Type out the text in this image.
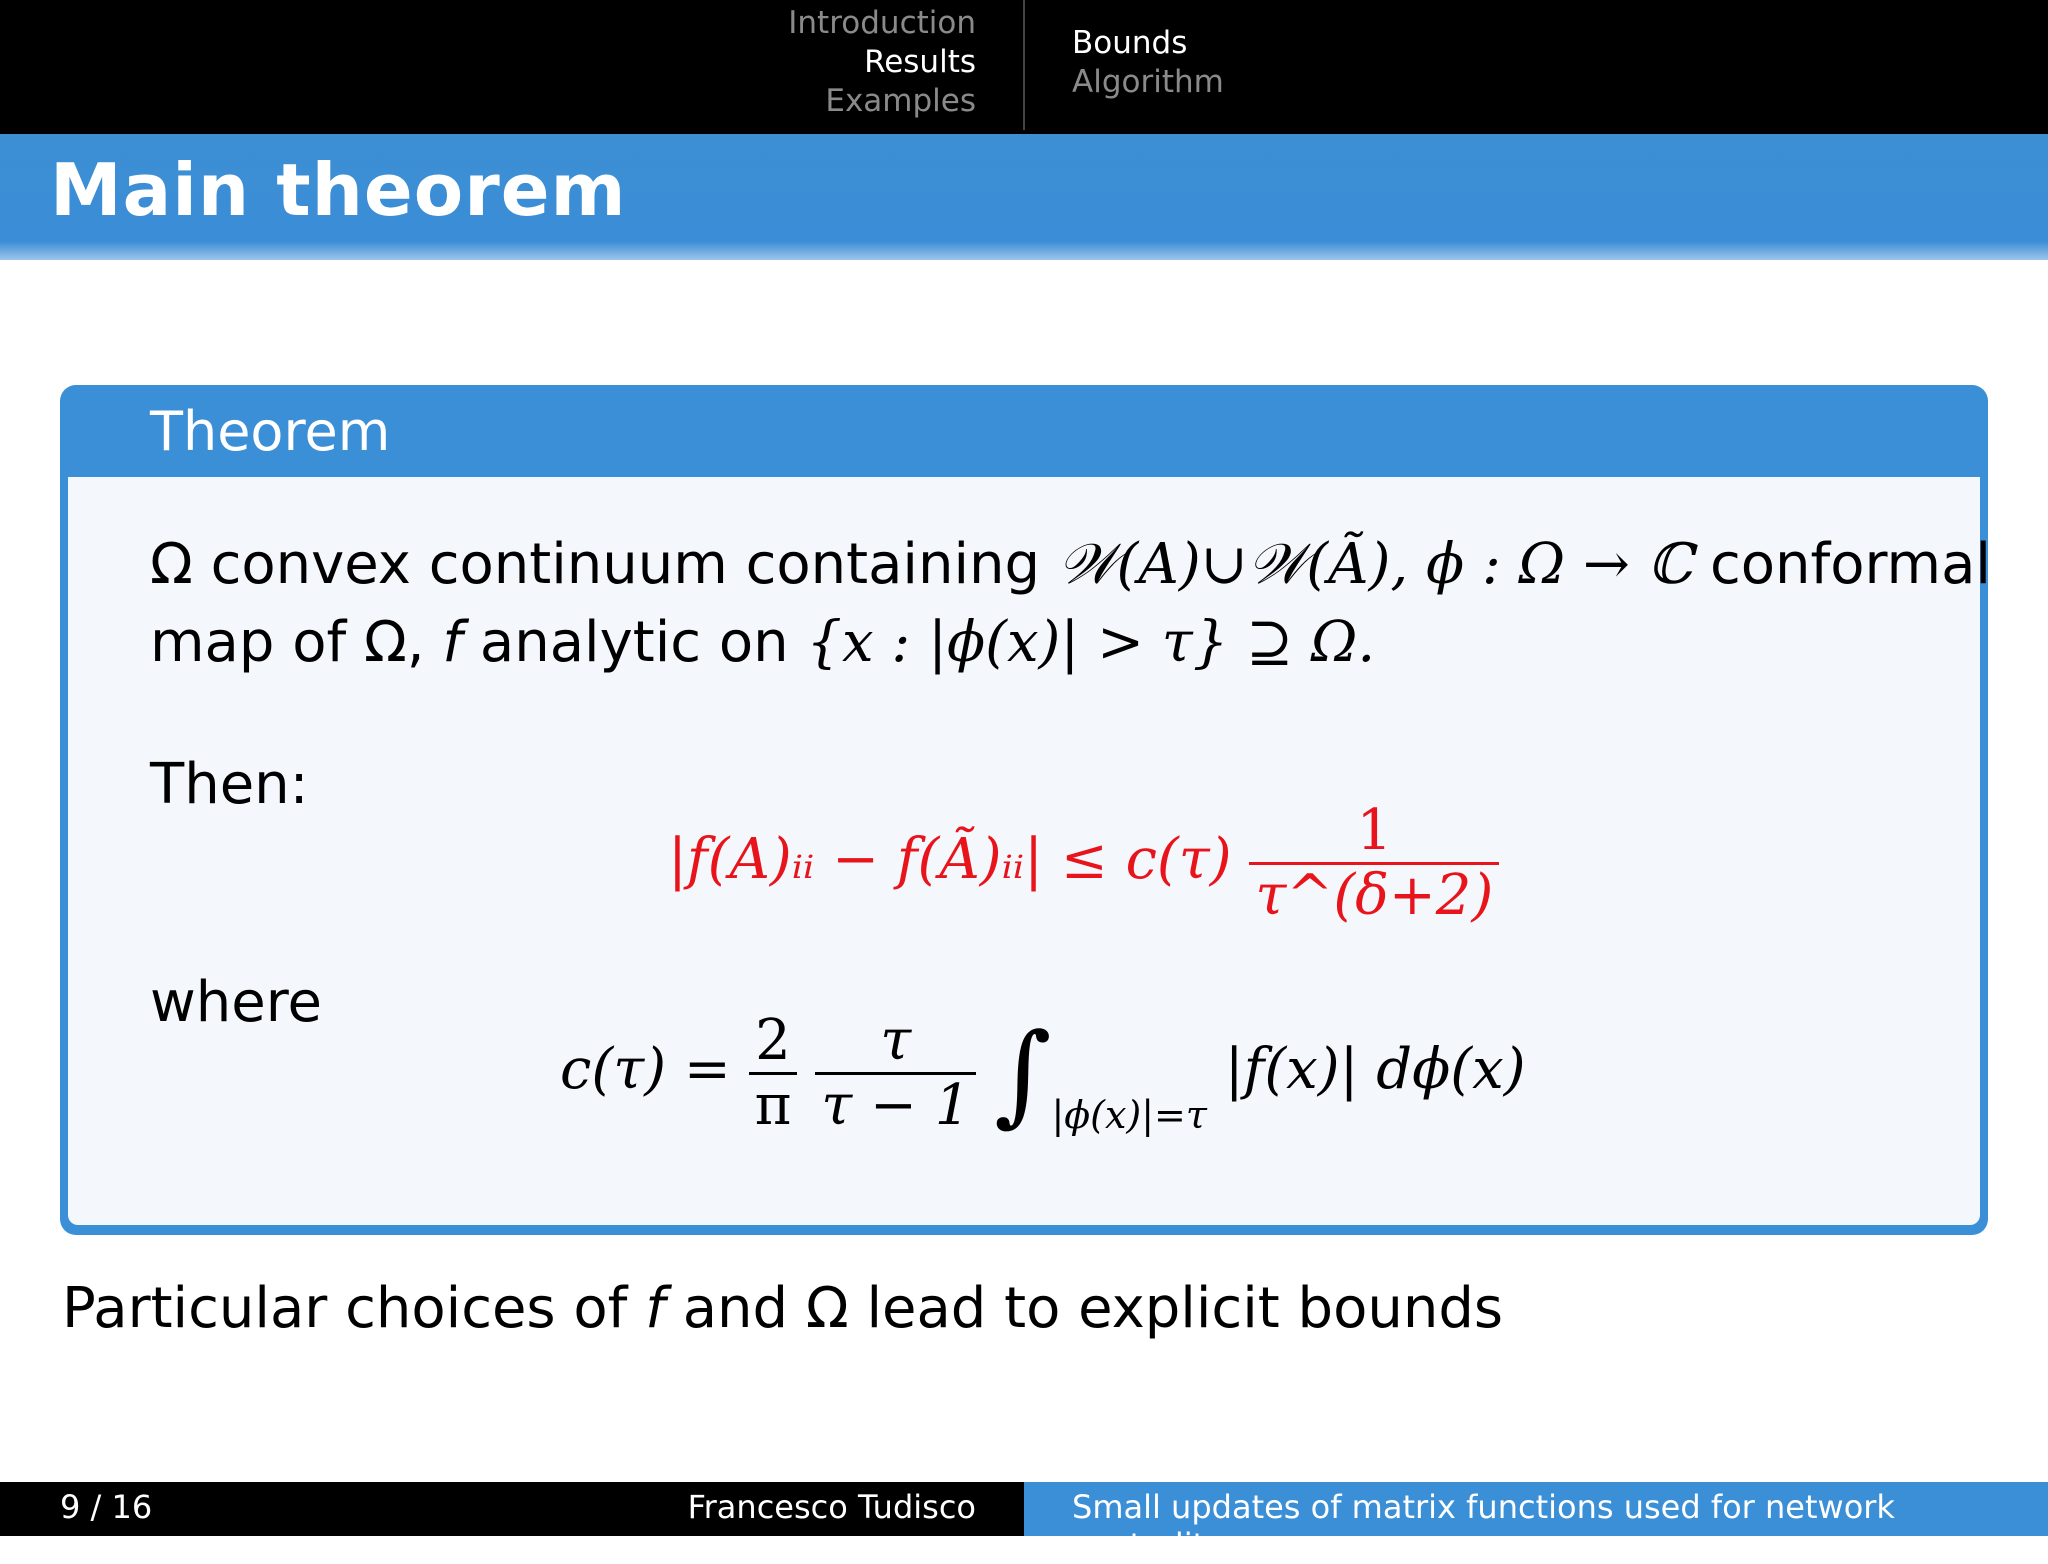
Introduction
Results
Examples
Bounds
Algorithm
Main theorem
Theorem
Ω convex continuum containing 𝒲(A)∪𝒲(Ã), ϕ : Ω → ℂ conformal
map of Ω, f analytic on {x : |ϕ(x)| > τ} ⊇ Ω.
Then:
|f(A)ᵢᵢ − f(Ã)ᵢᵢ| ≤ $c(\tau) \frac{1}{\tau\^{}(\delta+2)}$
where
$c(\tau) = \frac{2}{\pi}$
$\frac{\tau}{\tau - 1} \int_{|\phi(x)|=\tau}$ |f(x)| dϕ(x)
Particular choices of f and Ω lead to explicit bounds
9 / 16	Francesco Tudisco	Small updates of matrix functions used for network centrality
